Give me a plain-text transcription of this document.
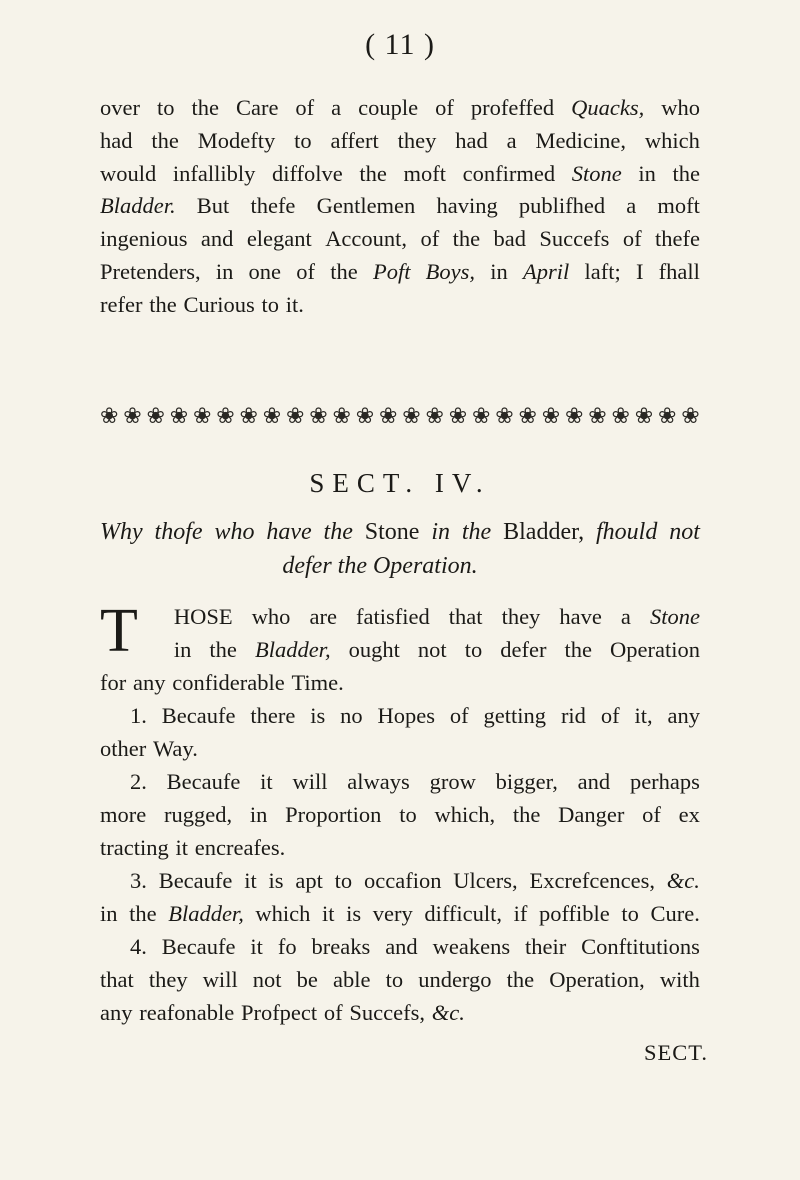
( 11 )
over to the Care of a couple of profeffed Quacks, who
had the Modefty to affert they had a Medicine, which
would infallibly diffolve the moft confirmed Stone in the
Bladder. But thefe Gentlemen having publifhed a moft
ingenious and elegant Account, of the bad Succefs of thefe
Pretenders, in one of the Poft Boys, in April laft; I fhall
refer the Curious to it.
❀ ❀ ❀ ❀ ❀ ❀ ❀ ❀ ❀ ❀ ❀ ❀ ❀ ❀ ❀ ❀ ❀ ❀ ❀ ❀ ❀ ❀ ❀ ❀ ❀ ❀
SECT. IV.
Why thofe who have the Stone in the Bladder, fhould not
defer the Operation.
T HOSE who are fatisfied that they have a Stone
in the Bladder, ought not to defer the Operation
for any confiderable Time.
1. Becaufe there is no Hopes of getting rid of it, any
other Way.
2. Becaufe it will always grow bigger, and perhaps
more rugged, in Proportion to which, the Danger of ex
tracting it encreafes.
3. Becaufe it is apt to occafion Ulcers, Excrefcences, &c.
in the Bladder, which it is very difficult, if poffible to Cure.
4. Becaufe it fo breaks and weakens their Conftitutions
that they will not be able to undergo the Operation, with
any reafonable Profpect of Succefs, &c.
SECT.
